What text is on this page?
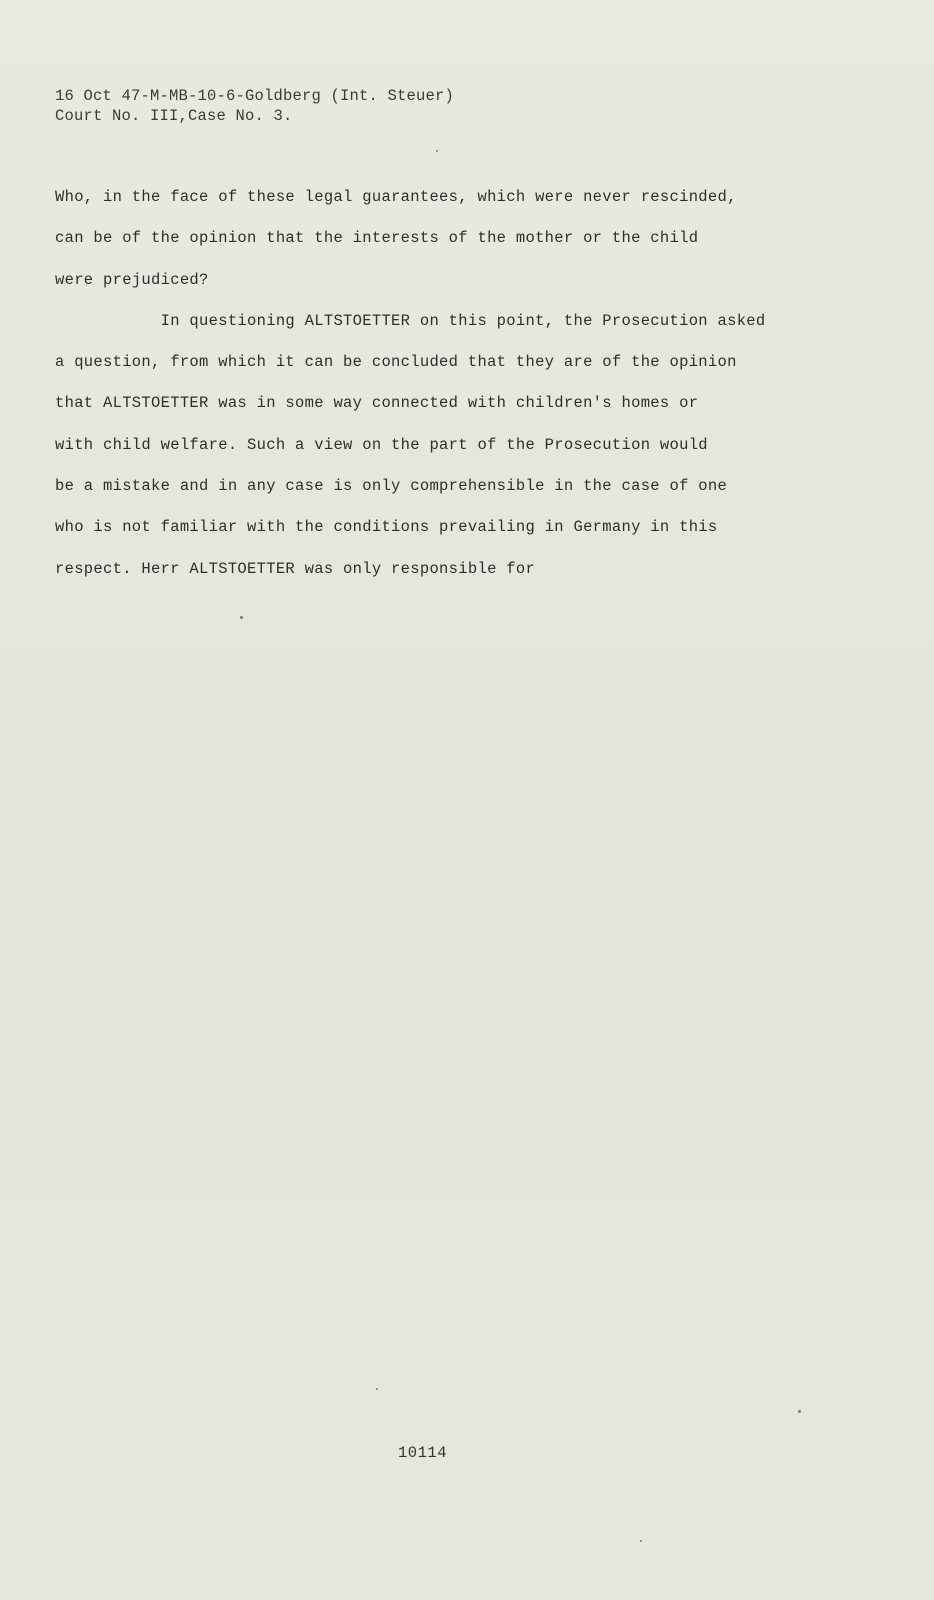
16 Oct 47-M-MB-10-6-Goldberg (Int. Steuer)
Court No. III,Case No. 3.
Who, in the face of these legal guarantees, which were never rescinded,
can be of the opinion that the interests of the mother or the child
were prejudiced?
In questioning ALTSTOETTER on this point, the Prosecution asked
a question, from which it can be concluded that they are of the opinion
that ALTSTOETTER was in some way connected with children's homes or
with child welfare. Such a view on the part of the Prosecution would
be a mistake and in any case is only comprehensible in the case of one
who is not familiar with the conditions prevailing in Germany in this
respect. Herr ALTSTOETTER was only responsible for
10114
